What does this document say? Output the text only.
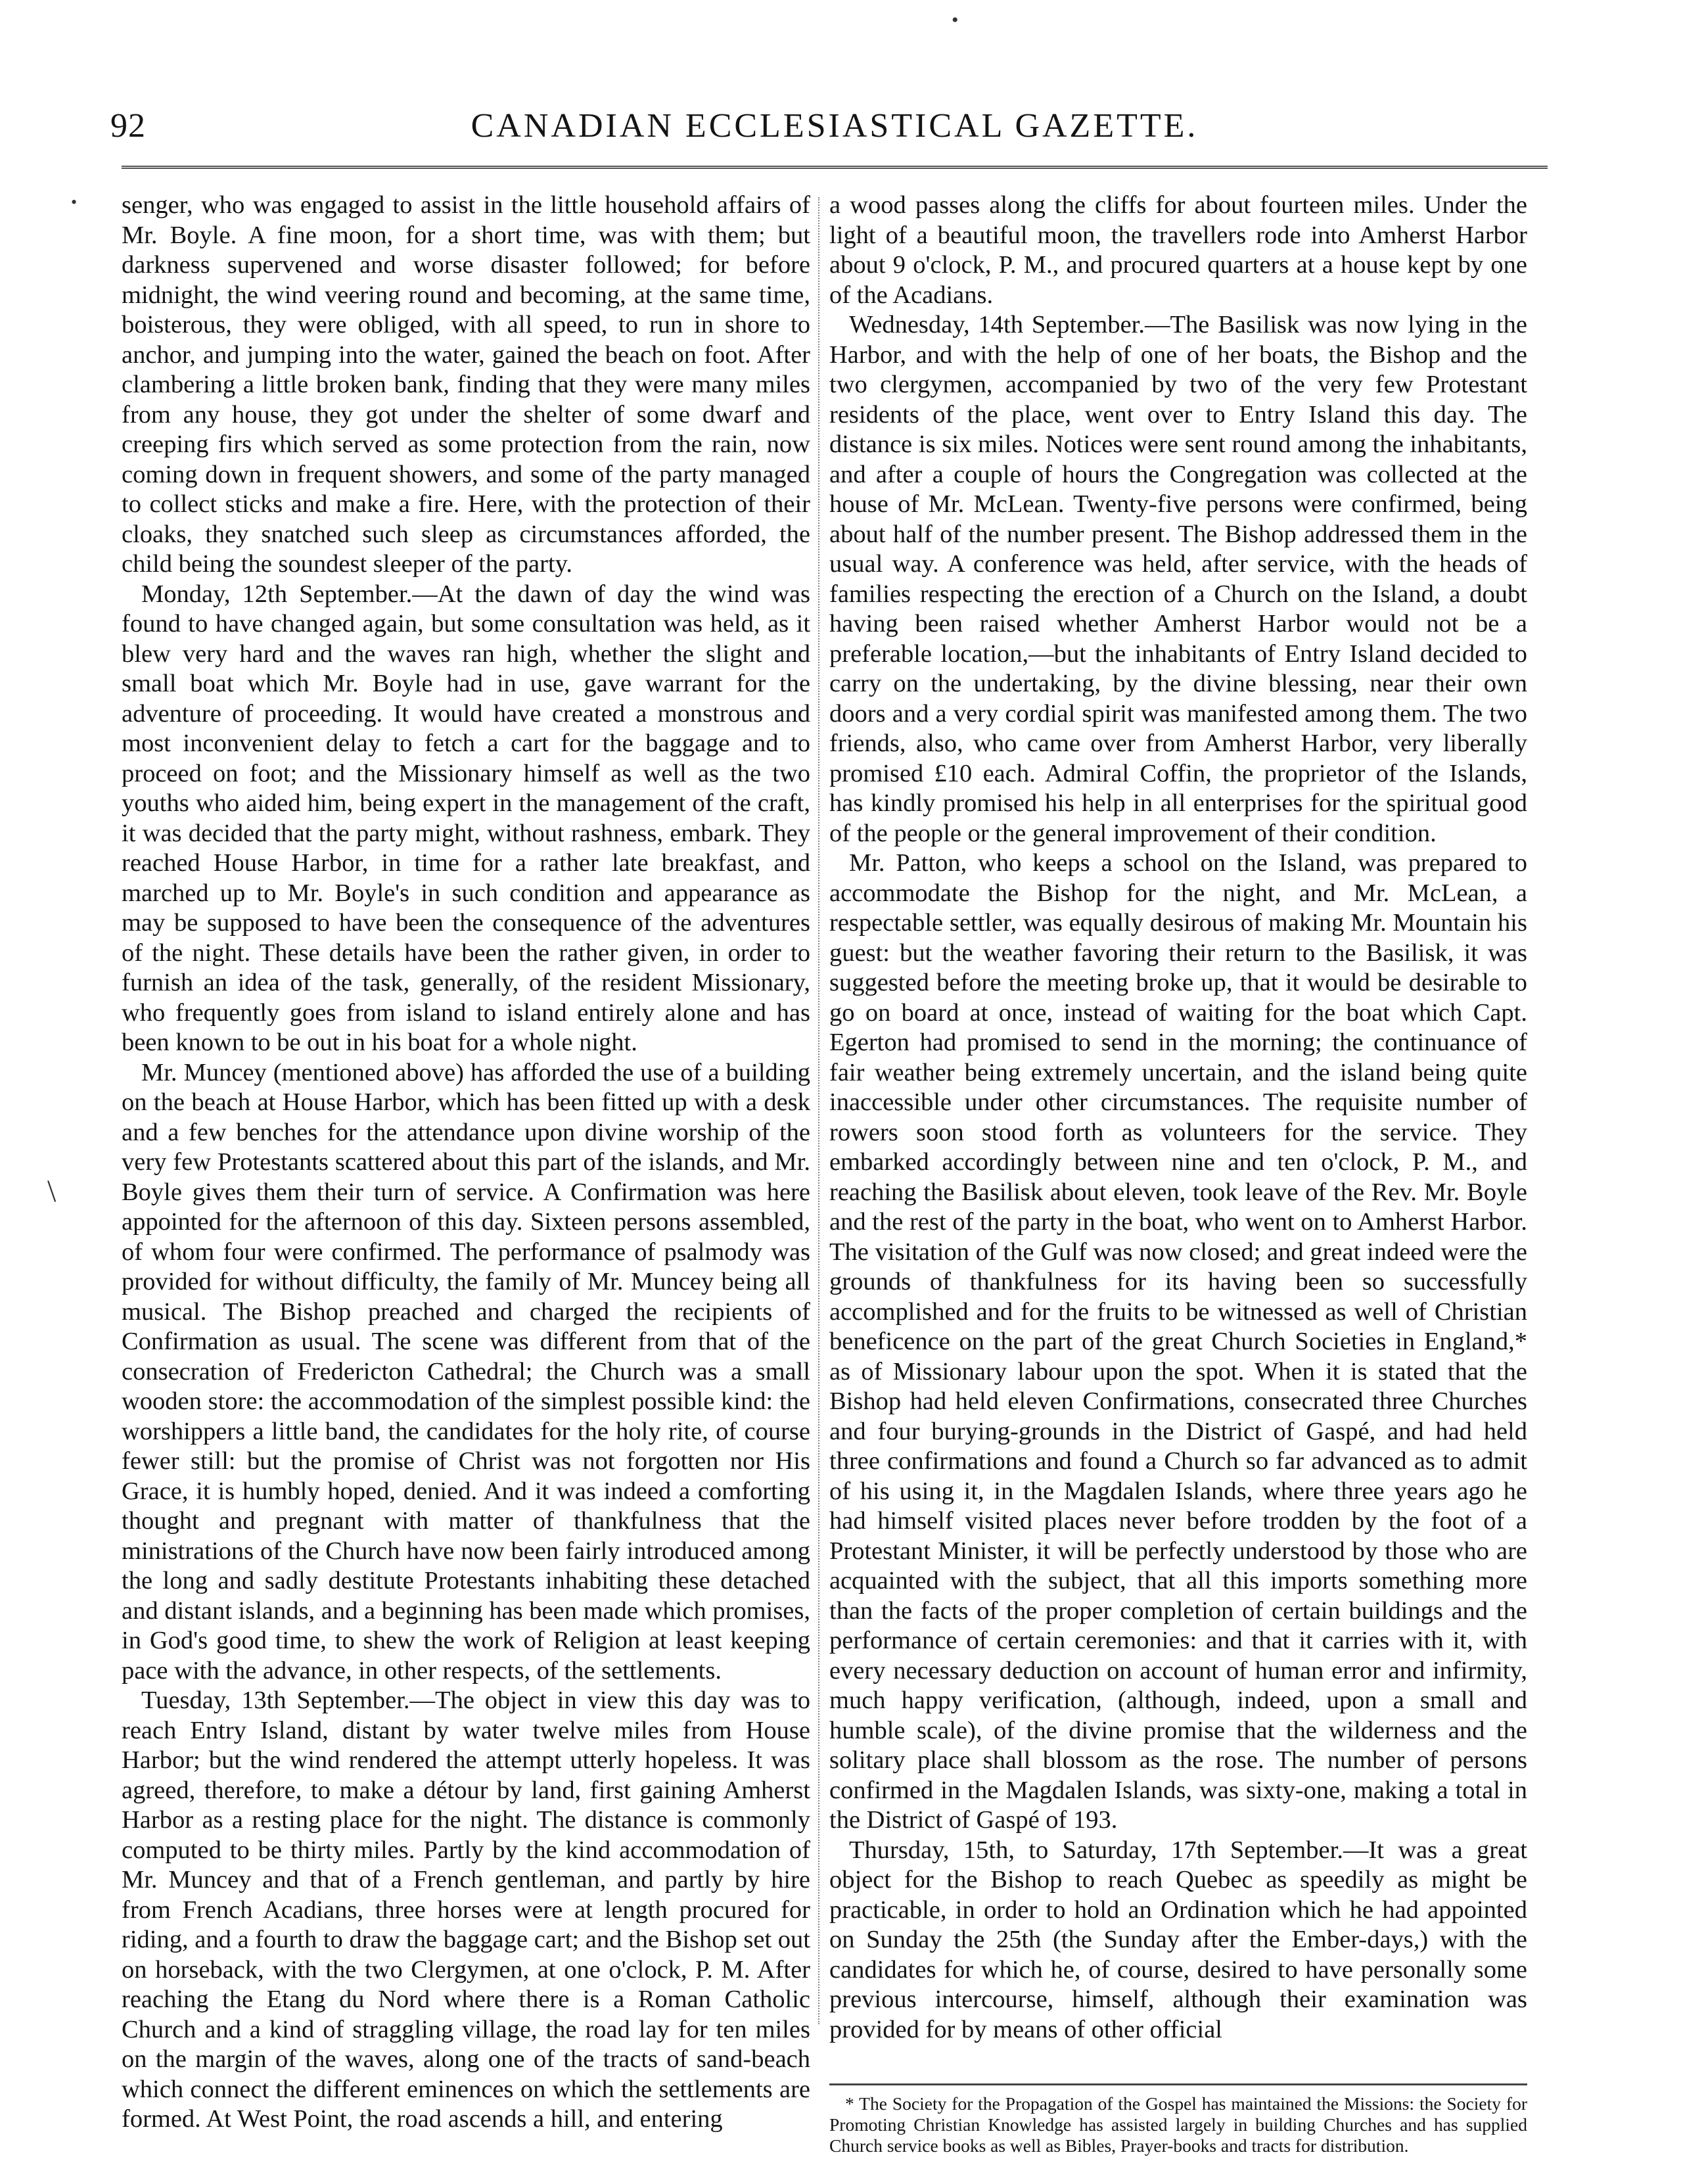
92	CANADIAN ECCLESIASTICAL GAZETTE.
•
•
\

senger, who was engaged to assist in the little household affairs of Mr. Boyle. A fine moon, for a short time, was with them; but darkness supervened and worse disaster followed; for before midnight, the wind veering round and becoming, at the same time, boisterous, they were obliged, with all speed, to run in shore to anchor, and jumping into the water, gained the beach on foot. After clambering a little broken bank, finding that they were many miles from any house, they got under the shelter of some dwarf and creeping firs which served as some protection from the rain, now coming down in frequent showers, and some of the party managed to collect sticks and make a fire. Here, with the protection of their cloaks, they snatched such sleep as circumstances afforded, the child being the soundest sleeper of the party.

Monday, 12th September.—At the dawn of day the wind was found to have changed again, but some consultation was held, as it blew very hard and the waves ran high, whether the slight and small boat which Mr. Boyle had in use, gave warrant for the adventure of proceeding. It would have created a monstrous and most inconvenient delay to fetch a cart for the baggage and to proceed on foot; and the Missionary himself as well as the two youths who aided him, being expert in the management of the craft, it was decided that the party might, without rashness, embark. They reached House Harbor, in time for a rather late breakfast, and marched up to Mr. Boyle's in such condition and appearance as may be supposed to have been the consequence of the adventures of the night. These details have been the rather given, in order to furnish an idea of the task, generally, of the resident Missionary, who frequently goes from island to island entirely alone and has been known to be out in his boat for a whole night.

Mr. Muncey (mentioned above) has afforded the use of a building on the beach at House Harbor, which has been fitted up with a desk and a few benches for the attendance upon divine worship of the very few Protestants scattered about this part of the islands, and Mr. Boyle gives them their turn of service. A Confirmation was here appointed for the afternoon of this day. Sixteen persons assembled, of whom four were confirmed. The performance of psalmody was provided for without difficulty, the family of Mr. Muncey being all musical. The Bishop preached and charged the recipients of Confirmation as usual. The scene was different from that of the consecration of Fredericton Cathedral; the Church was a small wooden store: the accommodation of the simplest possible kind: the worshippers a little band, the candidates for the holy rite, of course fewer still: but the promise of Christ was not forgotten nor His Grace, it is humbly hoped, denied. And it was indeed a comforting thought and pregnant with matter of thankfulness that the ministrations of the Church have now been fairly introduced among the long and sadly destitute Protestants inhabiting these detached and distant islands, and a beginning has been made which promises, in God's good time, to shew the work of Religion at least keeping pace with the advance, in other respects, of the settlements.

Tuesday, 13th September.—The object in view this day was to reach Entry Island, distant by water twelve miles from House Harbor; but the wind rendered the attempt utterly hopeless. It was agreed, therefore, to make a détour by land, first gaining Amherst Harbor as a resting place for the night. The distance is commonly computed to be thirty miles. Partly by the kind accommodation of Mr. Muncey and that of a French gentleman, and partly by hire from French Acadians, three horses were at length procured for riding, and a fourth to draw the baggage cart; and the Bishop set out on horseback, with the two Clergymen, at one o'clock, P. M. After reaching the Etang du Nord where there is a Roman Catholic Church and a kind of straggling village, the road lay for ten miles on the margin of the waves, along one of the tracts of sand-beach which connect the different eminences on which the settlements are formed. At West Point, the road ascends a hill, and entering

a wood passes along the cliffs for about fourteen miles. Under the light of a beautiful moon, the travellers rode into Amherst Harbor about 9 o'clock, P. M., and procured quarters at a house kept by one of the Acadians.

Wednesday, 14th September.—The Basilisk was now lying in the Harbor, and with the help of one of her boats, the Bishop and the two clergymen, accompanied by two of the very few Protestant residents of the place, went over to Entry Island this day. The distance is six miles. Notices were sent round among the inhabitants, and after a couple of hours the Congregation was collected at the house of Mr. McLean. Twenty-five persons were confirmed, being about half of the number present. The Bishop addressed them in the usual way. A conference was held, after service, with the heads of families respecting the erection of a Church on the Island, a doubt having been raised whether Amherst Harbor would not be a preferable location,—but the inhabitants of Entry Island decided to carry on the undertaking, by the divine blessing, near their own doors and a very cordial spirit was manifested among them. The two friends, also, who came over from Amherst Harbor, very liberally promised £10 each. Admiral Coffin, the proprietor of the Islands, has kindly promised his help in all enterprises for the spiritual good of the people or the general improvement of their condition.

Mr. Patton, who keeps a school on the Island, was prepared to accommodate the Bishop for the night, and Mr. McLean, a respectable settler, was equally desirous of making Mr. Mountain his guest: but the weather favoring their return to the Basilisk, it was suggested before the meeting broke up, that it would be desirable to go on board at once, instead of waiting for the boat which Capt. Egerton had promised to send in the morning; the continuance of fair weather being extremely uncertain, and the island being quite inaccessible under other circumstances. The requisite number of rowers soon stood forth as volunteers for the service. They embarked accordingly between nine and ten o'clock, P. M., and reaching the Basilisk about eleven, took leave of the Rev. Mr. Boyle and the rest of the party in the boat, who went on to Amherst Harbor. The visitation of the Gulf was now closed; and great indeed were the grounds of thankfulness for its having been so successfully accomplished and for the fruits to be witnessed as well of Christian beneficence on the part of the great Church Societies in England,* as of Missionary labour upon the spot. When it is stated that the Bishop had held eleven Confirmations, consecrated three Churches and four burying-grounds in the District of Gaspé, and had held three confirmations and found a Church so far advanced as to admit of his using it, in the Magdalen Islands, where three years ago he had himself visited places never before trodden by the foot of a Protestant Minister, it will be perfectly understood by those who are acquainted with the subject, that all this imports something more than the facts of the proper completion of certain buildings and the performance of certain ceremonies: and that it carries with it, with every necessary deduction on account of human error and infirmity, much happy verification, (although, indeed, upon a small and humble scale), of the divine promise that the wilderness and the solitary place shall blossom as the rose. The number of persons confirmed in the Magdalen Islands, was sixty-one, making a total in the District of Gaspé of 193.

Thursday, 15th, to Saturday, 17th September.—It was a great object for the Bishop to reach Quebec as speedily as might be practicable, in order to hold an Ordination which he had appointed on Sunday the 25th (the Sunday after the Ember-days,) with the candidates for which he, of course, desired to have personally some previous intercourse, himself, although their examination was provided for by means of other official

* The Society for the Propagation of the Gospel has maintained the Missions: the Society for Promoting Christian Knowledge has assisted largely in building Churches and has supplied Church service books as well as Bibles, Prayer-books and tracts for distribution.
